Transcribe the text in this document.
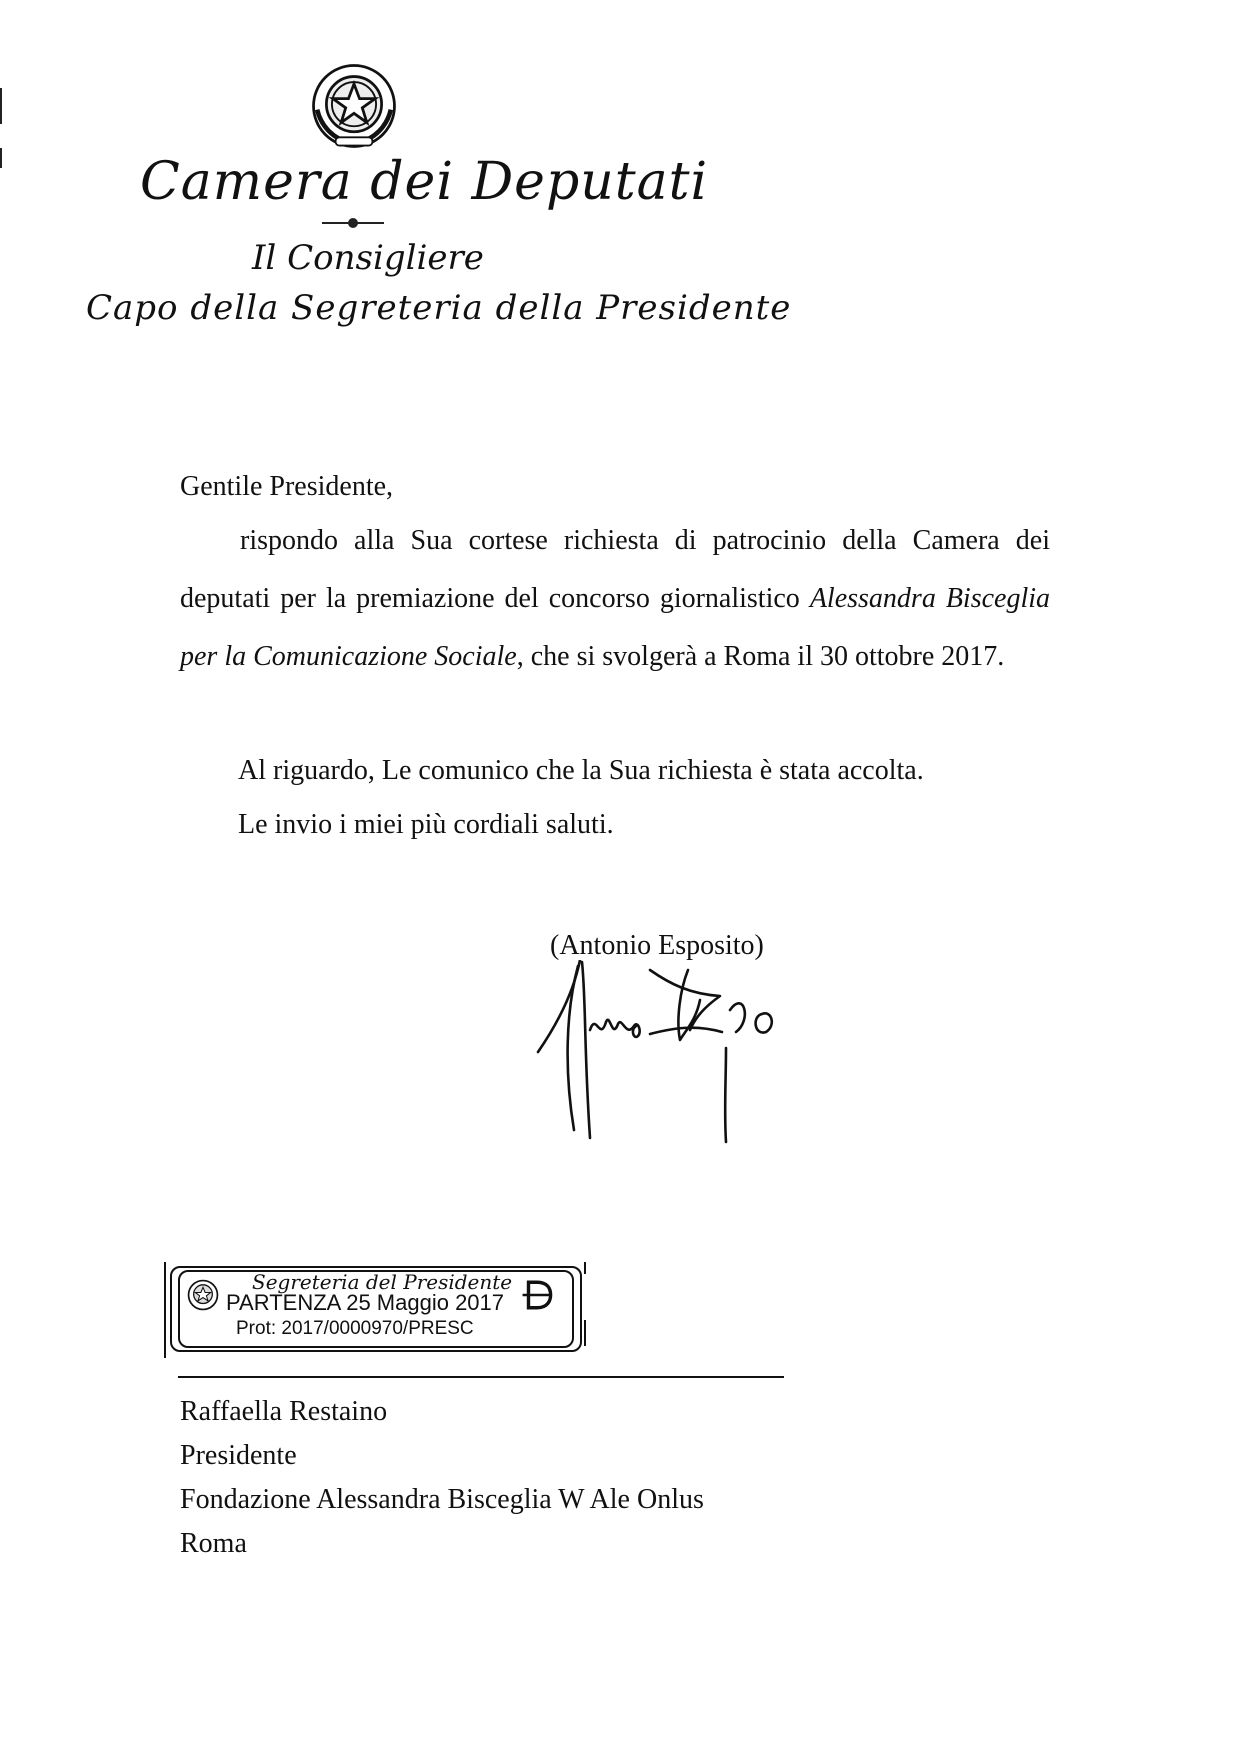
Camera dei Deputati
Il Consigliere
Capo della Segreteria della Presidente
Gentile Presidente,
rispondo alla Sua cortese richiesta di patrocinio della Camera dei deputati per la premiazione del concorso giornalistico Alessandra Bisceglia per la Comunicazione Sociale, che si svolgerà a Roma il 30 ottobre 2017.
Al riguardo, Le comunico che la Sua richiesta è stata accolta.
Le invio i miei più cordiali saluti.
(Antonio Esposito)
Segreteria del Presidente
PARTENZA 25 Maggio 2017
Prot: 2017/0000970/PRESC
Raffaella Restaino
Presidente
Fondazione Alessandra Bisceglia W Ale Onlus
Roma
